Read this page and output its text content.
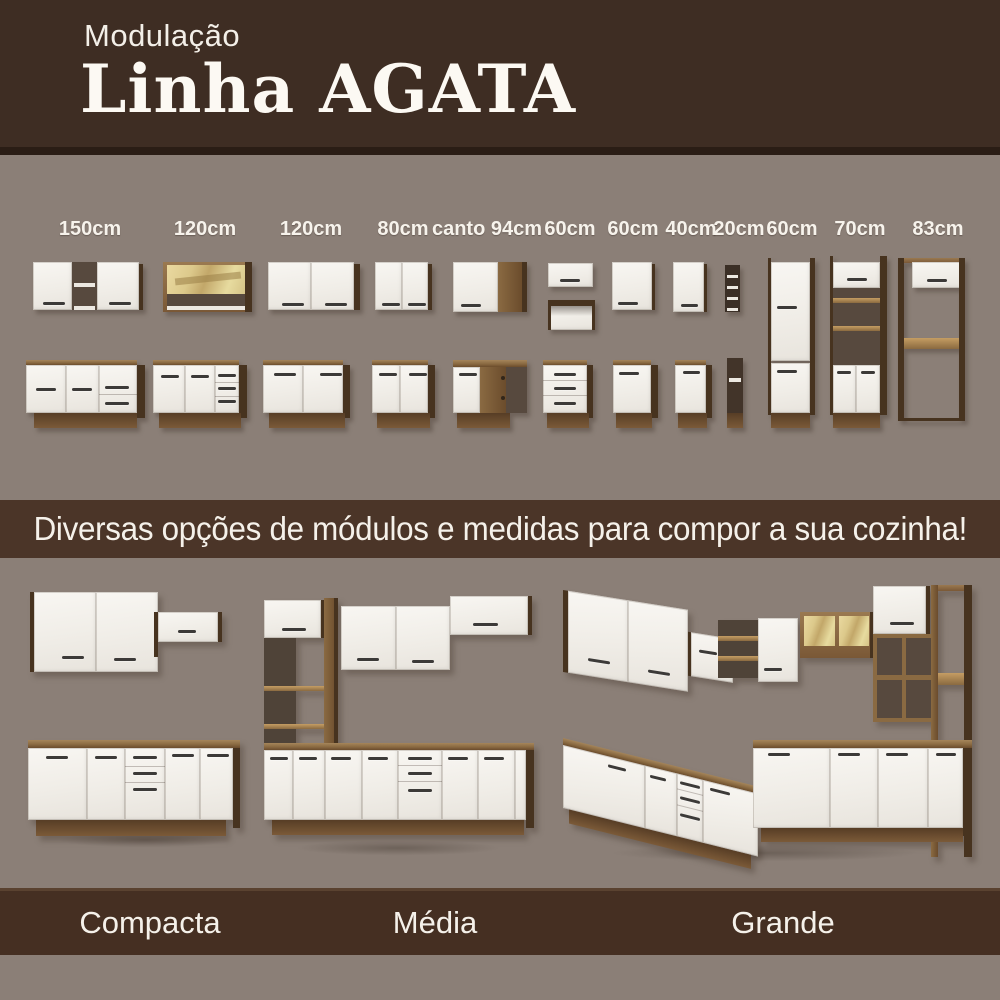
Modulação
Linha AGATA
150cm	120cm	120cm	80cm canto 94cm 60cm 60cm 40cm
20cm 60cm 70cm	83cm
Diversas opções de módulos e medidas para compor a sua cozinha!
Compacta	Média	Grande
